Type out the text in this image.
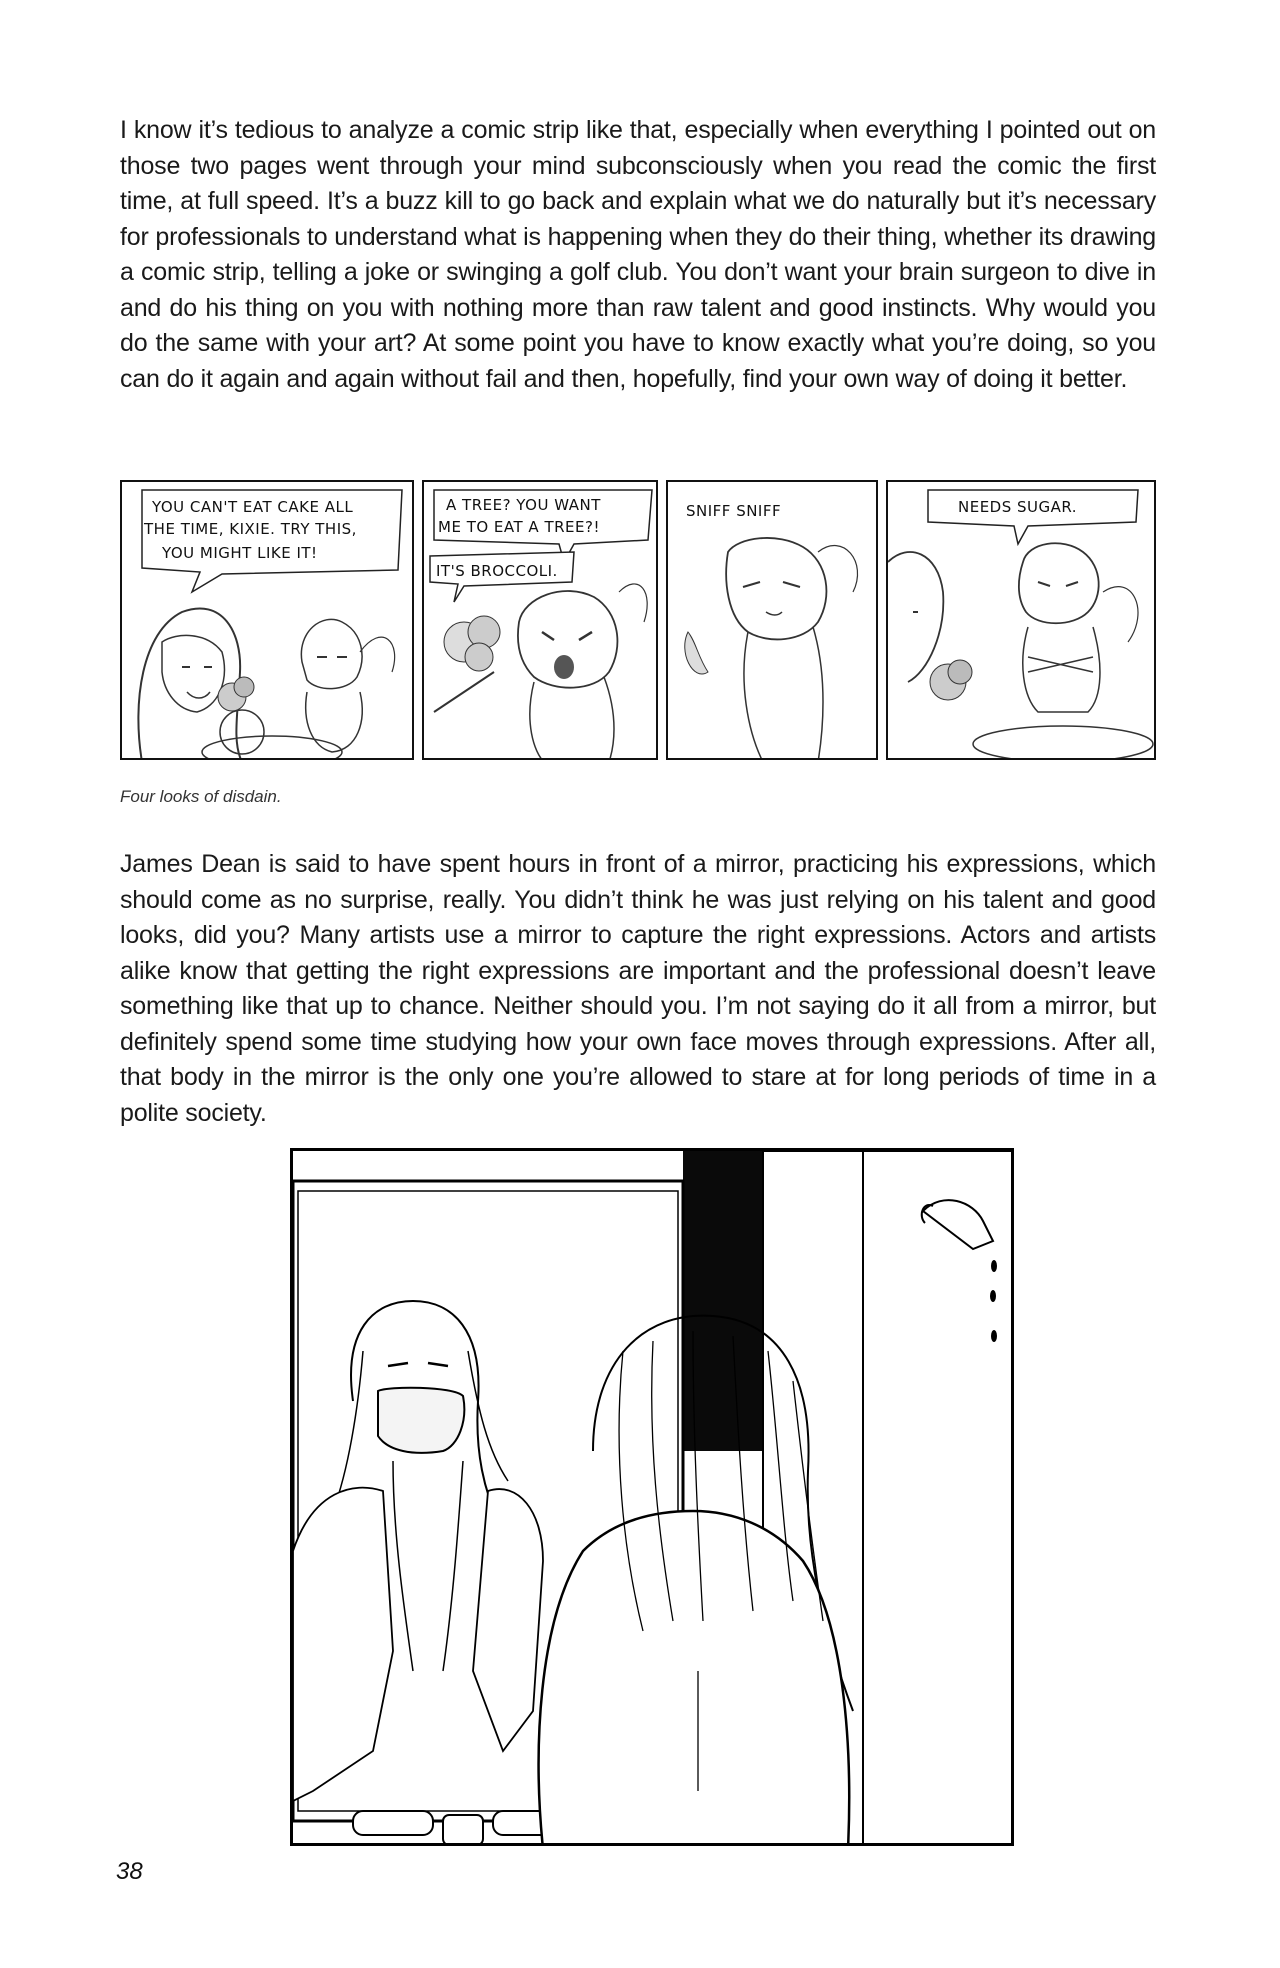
I know it’s tedious to analyze a comic strip like that, especially when everything I pointed out on those two pages went through your mind subconsciously when you read the comic the first time, at full speed. It’s a buzz kill to go back and explain what we do naturally but it’s necessary for professionals to understand what is happening when they do their thing, whether its drawing a comic strip, telling a joke or swinging a golf club. You don’t want your brain surgeon to dive in and do his thing on you with nothing more than raw talent and good instincts. Why would you do the same with your art? At some point you have to know exactly what you’re doing, so you can do it again and again without fail and then, hopefully, find your own way of doing it better.

YOU CAN'T EAT CAKE ALL
THE TIME, KIXIE. TRY THIS,
YOU MIGHT LIKE IT!
A TREE? YOU WANT
ME TO EAT A TREE?!
IT'S BROCCOLI.
SNIFF SNIFF	NEEDS SUGAR.
Four looks of disdain.

James Dean is said to have spent hours in front of a mirror, practicing his expressions, which should come as no surprise, really. You didn’t think he was just relying on his talent and good looks, did you? Many artists use a mirror to capture the right expressions. Actors and artists alike know that getting the right expressions are important and the professional doesn’t leave something like that up to chance. Neither should you. I’m not saying do it all from a mirror, but definitely spend some time studying how your own face moves through expressions. After all, that body in the mirror is the only one you’re allowed to stare at for long periods of time in a polite society.

38
